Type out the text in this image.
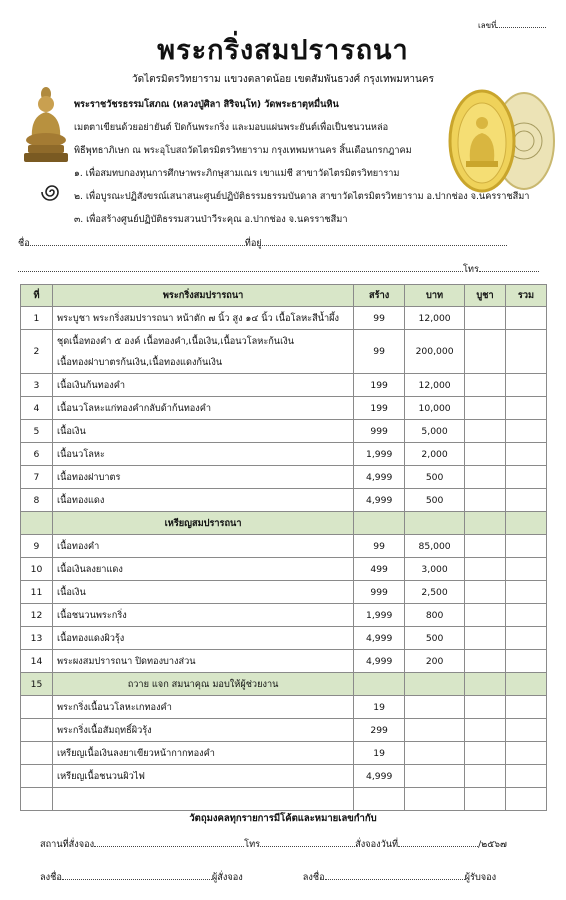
เลขที่
พระกริ่งสมปรารถนา
วัดไตรมิตรวิทยาราม แขวงตลาดน้อย เขตสัมพันธวงศ์ กรุงเทพมหานคร
พระราชวัชรธรรมโสภณ (หลวงปู่ศิลา สิริจนฺโท) วัดพระธาตุหมื่นหิน
เมตตาเขียนด้วยอย่ายันต์ ปิดก้นพระกริ่ง และมอบแผ่นพระยันต์เพื่อเป็นชนวนหล่อ
พิธีพุทธาภิเษก ณ พระอุโบสถวัดไตรมิตรวิทยาราม กรุงเทพมหานคร สิ้นเดือนกรกฎาคม
๑. เพื่อสมทบกองทุนการศึกษาพระภิกษุสามเณร เขาแม่ชี สาขาวัดไตรมิตรวิทยาราม
๒. เพื่อบูรณะปฏิสังขรณ์เสนาสนะศูนย์ปฏิบัติธรรมธรรมบันดาล สาขาวัดไตรมิตรวิทยาราม อ.ปากช่อง จ.นครราชสีมา
๓. เพื่อสร้างศูนย์ปฏิบัติธรรมสวนป่าวีระคุณ อ.ปากช่อง จ.นครราชสีมา
ชื่อ	ที่อยู่
โทร
ที่	พระกริ่งสมปรารถนา	สร้าง	บาท	บูชา	รวม
1	พระบูชา พระกริ่งสมปรารถนา หน้าตัก ๗ นิ้ว สูง ๑๔ นิ้ว เนื้อโลหะสีน้ำผึ้ง	99	12,000		
2	ชุดเนื้อทองคำ ๕ องค์ เนื้อทองคำ,เนื้อเงิน,เนื้อนวโลหะก้นเงิน
เนื้อทองฝาบาตรก้นเงิน,เนื้อทองแดงก้นเงิน	99	200,000		
3	เนื้อเงินก้นทองคำ	199	12,000		
4	เนื้อนวโลหะแก่ทองคำกลับด้าก้นทองคำ	199	10,000		
5	เนื้อเงิน	999	5,000		
6	เนื้อนวโลหะ	1,999	2,000		
7	เนื้อทองฝาบาตร	4,999	500		
8	เนื้อทองแดง	4,999	500		
	เหรียญสมปรารถนา				
9	เนื้อทองคำ	99	85,000		
10	เนื้อเงินลงยาแดง	499	3,000		
11	เนื้อเงิน	999	2,500		
12	เนื้อชนวนพระกริ่ง	1,999	800		
13	เนื้อทองแดงผิวรุ้ง	4,999	500		
14	พระผงสมปรารถนา ปิดทองบางส่วน	4,999	200		
15	ถวาย แจก สมนาคุณ มอบให้ผู้ช่วยงาน				
	พระกริ่งเนื้อนวโลหะเกทองคำ	19			
	พระกริ่งเนื้อสัมฤทธิ์ผิวรุ้ง	299			
	เหรียญเนื้อเงินลงยาเขียวหน้ากากทองคำ	19			
	เหรียญเนื้อชนวนผิวไฟ	4,999			

วัตถุมงคลทุกรายการมีโค้ตและหมายเลขกำกับ
สถานที่สั่งจอง	โทร	สั่งจองวันที่	/๒๕๖๗
ลงชื่อ	ผู้สั่งจอง	ลงชื่อ	ผู้รับจอง
